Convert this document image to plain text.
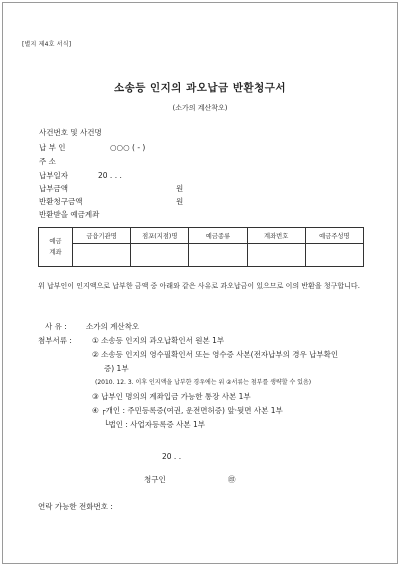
[별지 제4호 서식]
소송등 인지의 과오납금 반환청구서
(소가의 계산착오)
사건번호 및 사건명
납 부 인	○○○ ( - )
주 소
납부일자	20 . . .
납부금액	원
반환청구금액	원
반환받을 예금계좌
예금
계좌	금융기관명	점포(지점)명	예금종류	계좌번호	예금주성명

위 납부인이 인지액으로 납부한 금액 중 아래와 같은 사유로 과오납금이 있으므로 이의 반환을 청구합니다.
사 유 :	소가의 계산착오
첨부서류 :	① 소송등 인지의 과오납확인서 원본 1부
② 소송등 인지의 영수필확인서 또는 영수증 사본(전자납부의 경우 납부확인
증) 1부
(2010. 12. 3. 이후 인지액을 납부한 경우에는 위 ②서류는 첨부를 생략할 수 있음)
③ 납부인 명의의 계좌입금 가능한 통장 사본 1부
④ ┌개인 : 주민등록증(여권, 운전면허증) 앞·뒷면 사본 1부
└법인 : 사업자등록증 사본 1부
20 . .
청구인	㊞
연락 가능한 전화번호 :
